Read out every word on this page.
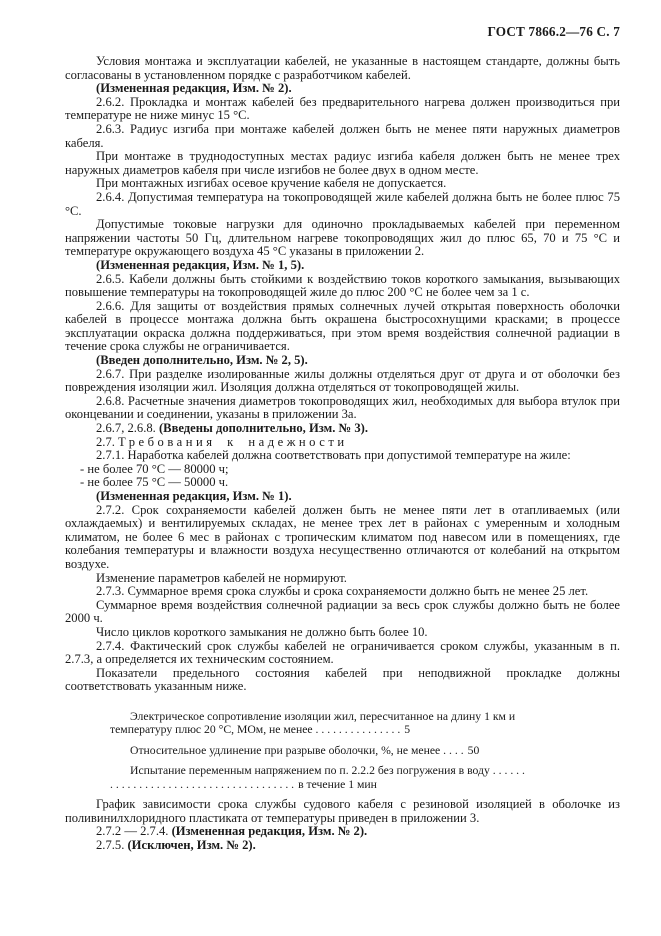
ГОСТ 7866.2—76 С. 7

Условия монтажа и эксплуатации кабелей, не указанные в настоящем стандарте, должны быть согласованы в установленном порядке с разработчиком кабелей.

(Измененная редакция, Изм. № 2).

2.6.2. Прокладка и монтаж кабелей без предварительного нагрева должен производиться при температуре не ниже минус 15 °С.

2.6.3. Радиус изгиба при монтаже кабелей должен быть не менее пяти наружных диаметров кабеля.

При монтаже в труднодоступных местах радиус изгиба кабеля должен быть не менее трех наружных диаметров кабеля при числе изгибов не более двух в одном месте.

При монтажных изгибах осевое кручение кабеля не допускается.

2.6.4. Допустимая температура на токопроводящей жиле кабелей должна быть не более плюс 75 °С.

Допустимые токовые нагрузки для одиночно прокладываемых кабелей при переменном напряжении частоты 50 Гц, длительном нагреве токопроводящих жил до плюс 65, 70 и 75 °С и температуре окружающего воздуха 45 °С указаны в приложении 2.

(Измененная редакция, Изм. № 1, 5).

2.6.5. Кабели должны быть стойкими к воздействию токов короткого замыкания, вызывающих повышение температуры на токопроводящей жиле до плюс 200 °С не более чем за 1 с.

2.6.6. Для защиты от воздействия прямых солнечных лучей открытая поверхность оболочки кабелей в процессе монтажа должна быть окрашена быстросохнущими красками; в процессе эксплуатации окраска должна поддерживаться, при этом время воздействия солнечной радиации в течение срока службы не ограничивается.

(Введен дополнительно, Изм. № 2, 5).

2.6.7. При разделке изолированные жилы должны отделяться друг от друга и от оболочки без повреждения изоляции жил. Изоляция должна отделяться от токопроводящей жилы.

2.6.8. Расчетные значения диаметров токопроводящих жил, необходимых для выбора втулок при оконцевании и соединении, указаны в приложении 3а.

2.6.7, 2.6.8. (Введены дополнительно, Изм. № 3).

2.7. Требования к надежности

2.7.1. Наработка кабелей должна соответствовать при допустимой температуре на жиле:

- не более 70 °С — 80000 ч;

- не более 75 °С — 50000 ч.

(Измененная редакция, Изм. № 1).

2.7.2. Срок сохраняемости кабелей должен быть не менее пяти лет в отапливаемых (или охлаждаемых) и вентилируемых складах, не менее трех лет в районах с умеренным и холодным климатом, не более 6 мес в районах с тропическим климатом под навесом или в помещениях, где колебания температуры и влажности воздуха несущественно отличаются от колебаний на открытом воздухе.

Изменение параметров кабелей не нормируют.

2.7.3. Суммарное время срока службы и срока сохраняемости должно быть не менее 25 лет.

Суммарное время воздействия солнечной радиации за весь срок службы должно быть не более 2000 ч.

Число циклов короткого замыкания не должно быть более 10.

2.7.4. Фактический срок службы кабелей не ограничивается сроком службы, указанным в п. 2.7.3, а определяется их техническим состоянием.

Показатели предельного состояния кабелей при неподвижной прокладке должны соответствовать указанным ниже.

Электрическое сопротивление изоляции жил, пересчитанное на длину 1 км и температуру плюс 20 °С, МОм, не менее . . . . . . . . . . . . . . . 5
Относительное удлинение при разрыве оболочки, %, не менее . . . . 50
Испытание переменным напряжением по п. 2.2.2 без погружения в воду . . . . . . . . . . . . . . . . . . . . . . . . . . . . . . . . . . . . . . в течение 1 мин

График зависимости срока службы судового кабеля с резиновой изоляцией в оболочке из поливинилхлоридного пластиката от температуры приведен в приложении 3.

2.7.2 — 2.7.4. (Измененная редакция, Изм. № 2).

2.7.5. (Исключен, Изм. № 2).
